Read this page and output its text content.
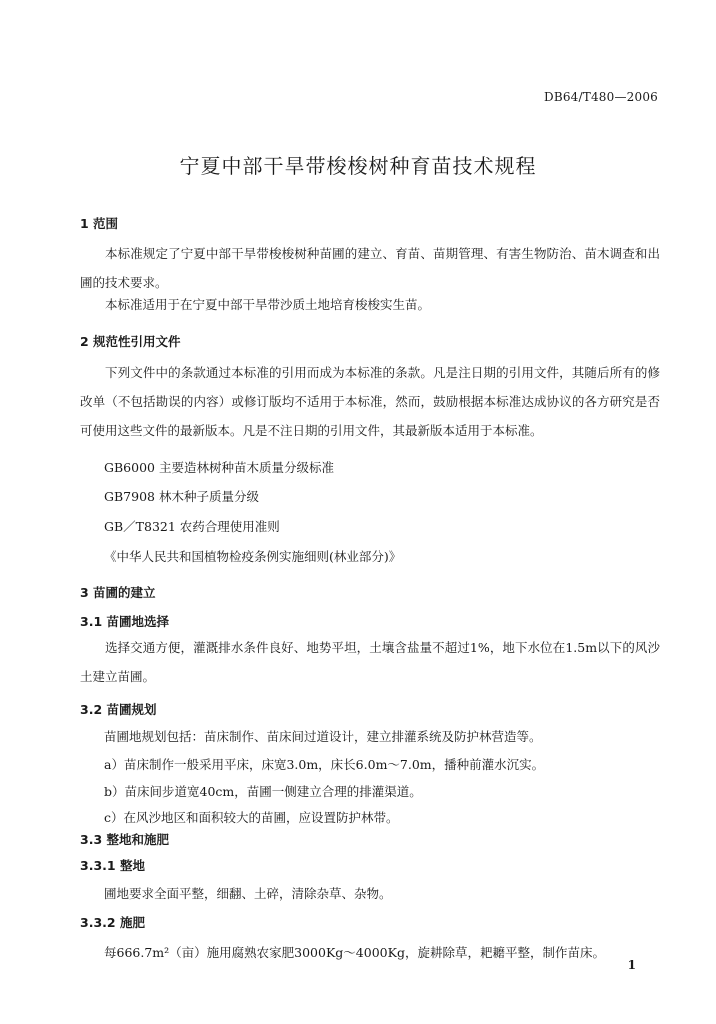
DB64/T480—2006
宁夏中部干旱带梭梭树种育苗技术规程
1 范围

本标准规定了宁夏中部干旱带梭梭树种苗圃的建立、育苗、苗期管理、有害生物防治、苗木调查和出圃的技术要求。

本标准适用于在宁夏中部干旱带沙质土地培育梭梭实生苗。

2 规范性引用文件

下列文件中的条款通过本标准的引用而成为本标准的条款。凡是注日期的引用文件，其随后所有的修改单（不包括勘误的内容）或修订版均不适用于本标准，然而，鼓励根据本标准达成协议的各方研究是否可使用这些文件的最新版本。凡是不注日期的引用文件，其最新版本适用于本标准。

GB6000 主要造林树种苗木质量分级标准
GB7908 林木种子质量分级
GB／T8321 农药合理使用准则
《中华人民共和国植物检疫条例实施细则(林业部分)》
3 苗圃的建立
3.1 苗圃地选择

选择交通方便，灌溉排水条件良好、地势平坦，土壤含盐量不超过1%，地下水位在1.5m以下的风沙土建立苗圃。

3.2 苗圃规划
苗圃地规划包括：苗床制作、苗床间过道设计，建立排灌系统及防护林营造等。
a）苗床制作一般采用平床，床宽3.0m，床长6.0m～7.0m，播种前灌水沉实。
b）苗床间步道宽40cm，苗圃一侧建立合理的排灌渠道。
c）在风沙地区和面积较大的苗圃，应设置防护林带。
3.3 整地和施肥
3.3.1 整地
圃地要求全面平整，细翻、土碎，清除杂草、杂物。
3.3.2 施肥
每666.7m²（亩）施用腐熟农家肥3000Kg～4000Kg，旋耕除草，耙耱平整，制作苗床。
1
